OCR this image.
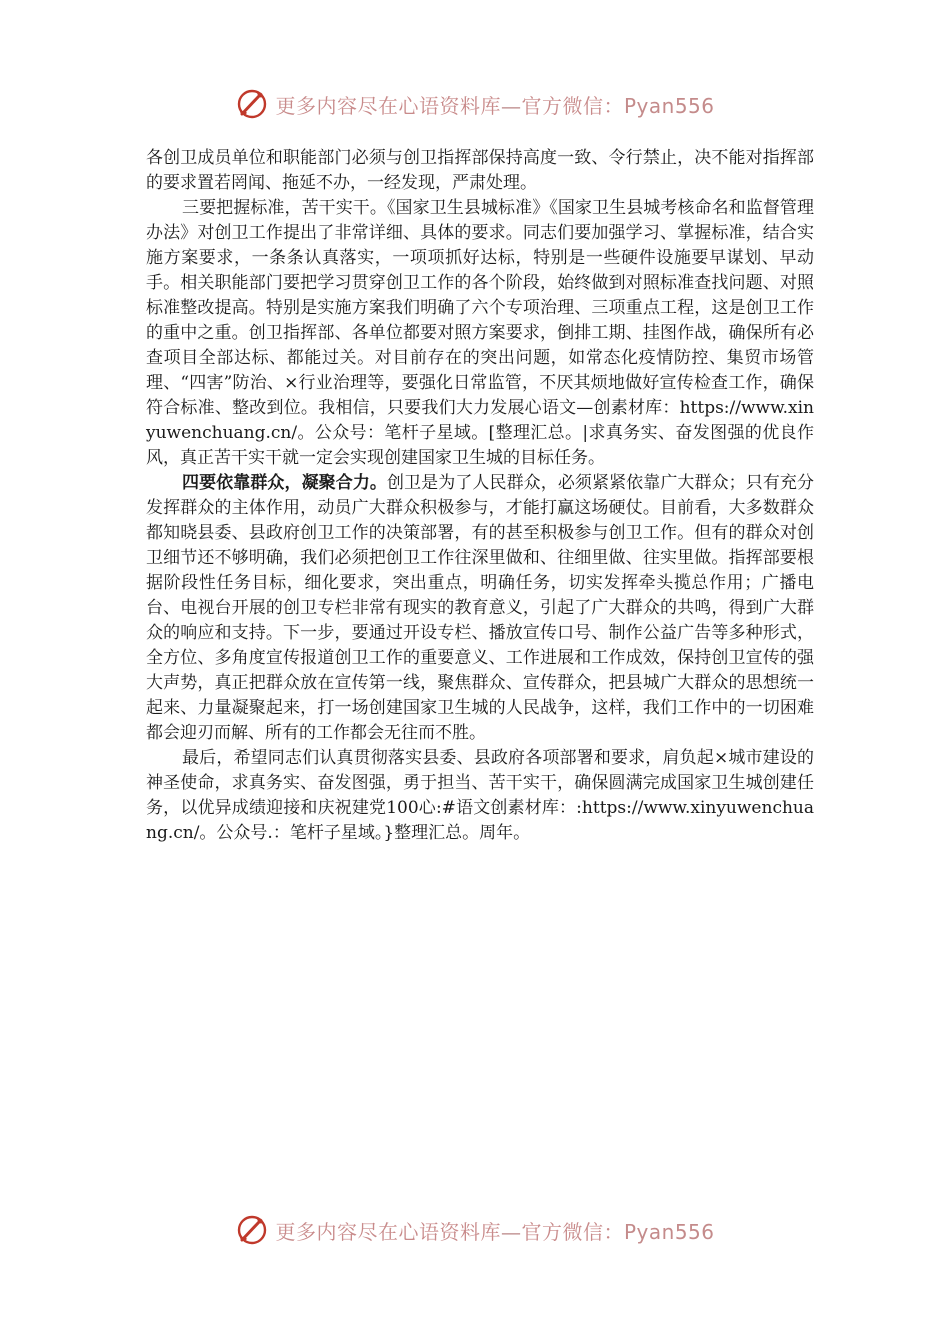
更多内容尽在心语资料库—官方微信：Pyan556

各创卫成员单位和职能部门必须与创卫指挥部保持高度一致、令行禁止，决不能对指挥部的要求置若罔闻、拖延不办，一经发现，严肃处理。

三要把握标准，苦干实干。《国家卫生县城标准》《国家卫生县城考核命名和监督管理办法》对创卫工作提出了非常详细、具体的要求。同志们要加强学习、掌握标准，结合实施方案要求，一条条认真落实，一项项抓好达标，特别是一些硬件设施要早谋划、早动手。相关职能部门要把学习贯穿创卫工作的各个阶段，始终做到对照标准查找问题、对照标准整改提高。特别是实施方案我们明确了六个专项治理、三项重点工程，这是创卫工作的重中之重。创卫指挥部、各单位都要对照方案要求，倒排工期、挂图作战，确保所有必查项目全部达标、都能过关。对目前存在的突出问题，如常态化疫情防控、集贸市场管理、“四害”防治、×行业治理等，要强化日常监管，不厌其烦地做好宣传检查工作，确保符合标准、整改到位。我相信，只要我们大力发展心语文—创素材库：https://www.xinyuwenchuang.cn/。公众号：笔杆子星域。[整理汇总。|求真务实、奋发图强的优良作风，真正苦干实干就一定会实现创建国家卫生城的目标任务。

四要依靠群众，凝聚合力。创卫是为了人民群众，必须紧紧依靠广大群众；只有充分发挥群众的主体作用，动员广大群众积极参与，才能打赢这场硬仗。目前看，大多数群众都知晓县委、县政府创卫工作的决策部署，有的甚至积极参与创卫工作。但有的群众对创卫细节还不够明确，我们必须把创卫工作往深里做和、往细里做、往实里做。指挥部要根据阶段性任务目标，细化要求，突出重点，明确任务，切实发挥牵头揽总作用；广播电台、电视台开展的创卫专栏非常有现实的教育意义，引起了广大群众的共鸣，得到广大群众的响应和支持。下一步，要通过开设专栏、播放宣传口号、制作公益广告等多种形式，全方位、多角度宣传报道创卫工作的重要意义、工作进展和工作成效，保持创卫宣传的强大声势，真正把群众放在宣传第一线，聚焦群众、宣传群众，把县城广大群众的思想统一起来、力量凝聚起来，打一场创建国家卫生城的人民战争，这样，我们工作中的一切困难都会迎刃而解、所有的工作都会无往而不胜。

最后，希望同志们认真贯彻落实县委、县政府各项部署和要求，肩负起×城市建设的神圣使命，求真务实、奋发图强，勇于担当、苦干实干，确保圆满完成国家卫生城创建任务，以优异成绩迎接和庆祝建党100心:#语文创素材库：:https://www.xinyuwenchuang.cn/。公众号.：笔杆子星域。}整理汇总。周年。

更多内容尽在心语资料库—官方微信：Pyan556
